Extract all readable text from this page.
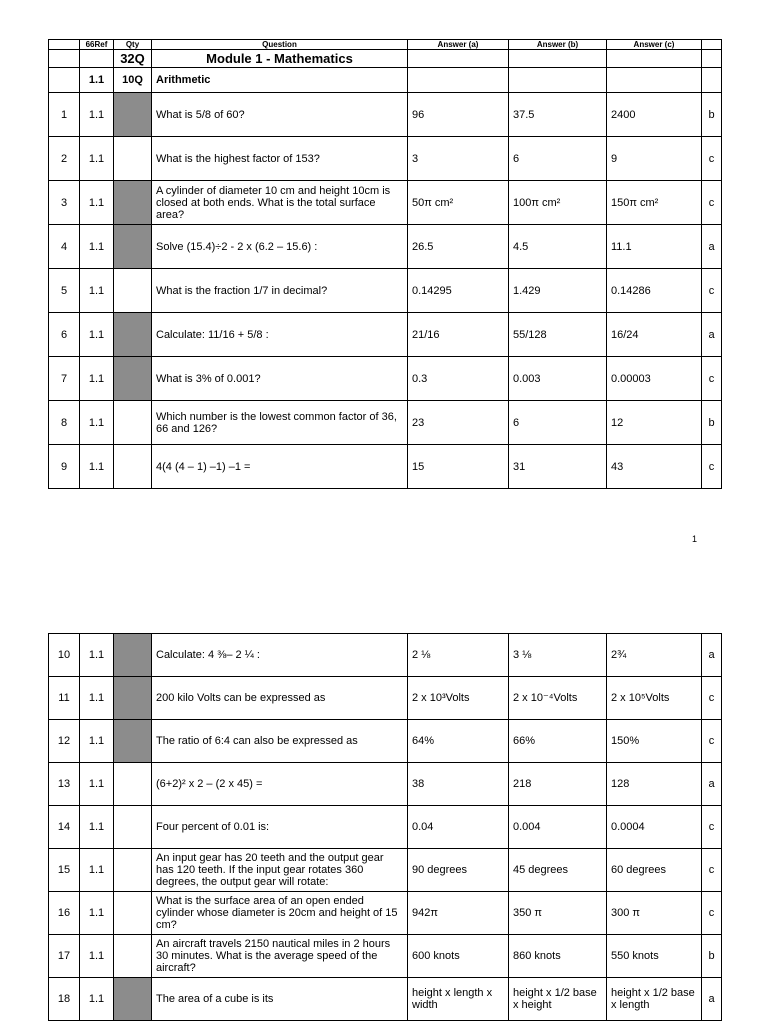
	66Ref	Qty	Question	Answer (a)	Answer (b)	Answer (c)	
		32Q	Module 1 - Mathematics				
	1.1	10Q	Arithmetic				
1	1.1		What is 5/8 of 60?	96	37.5	2400	b
2	1.1		What is the highest factor of 153?	3	6	9	c
3	1.1		A cylinder of diameter 10 cm and height 10cm is closed at both ends. What is the total surface area?	50π cm²	100π cm²	150π cm²	c
4	1.1		Solve (15.4)÷2 - 2 x (6.2 – 15.6) :	26.5	4.5	11.1	a
5	1.1		What is the fraction 1/7 in decimal?	0.14295	1.429	0.14286	c
6	1.1		Calculate: 11/16 + 5/8 :	21/16	55/128	16/24	a
7	1.1		What is 3% of 0.001?	0.3	0.003	0.00003	c
8	1.1		Which number is the lowest common factor of 36, 66 and 126?	23	6	12	b
9	1.1		4(4 (4 – 1) –1) –1 =	15	31	43	c
1
10	1.1		Calculate: 4 ⅜– 2 ¼ :	2 ⅛	3 ⅛	2¾	a
11	1.1		200 kilo Volts can be expressed as	2 x 10³Volts	2 x 10⁻⁴Volts	2 x 10⁵Volts	c
12	1.1		The ratio of 6:4 can also be expressed as	64%	66%	150%	c
13	1.1		(6+2)² x 2 – (2 x 45) =	38	218	128	a
14	1.1		Four percent of 0.01 is:	0.04	0.004	0.0004	c
15	1.1		An input gear has 20 teeth and the output gear has 120 teeth. If the input gear rotates 360 degrees, the output gear will rotate:	90 degrees	45 degrees	60 degrees	c
16	1.1		What is the surface area of an open ended cylinder whose diameter is 20cm and height of 15 cm?	942π	350 π	300 π	c
17	1.1		An aircraft travels 2150 nautical miles in 2 hours 30 minutes. What is the average speed of the aircraft?	600 knots	860 knots	550 knots	b
18	1.1		The area of a cube is its	height x length x width	height x 1/2 base x height	height x 1/2 base x length	a
